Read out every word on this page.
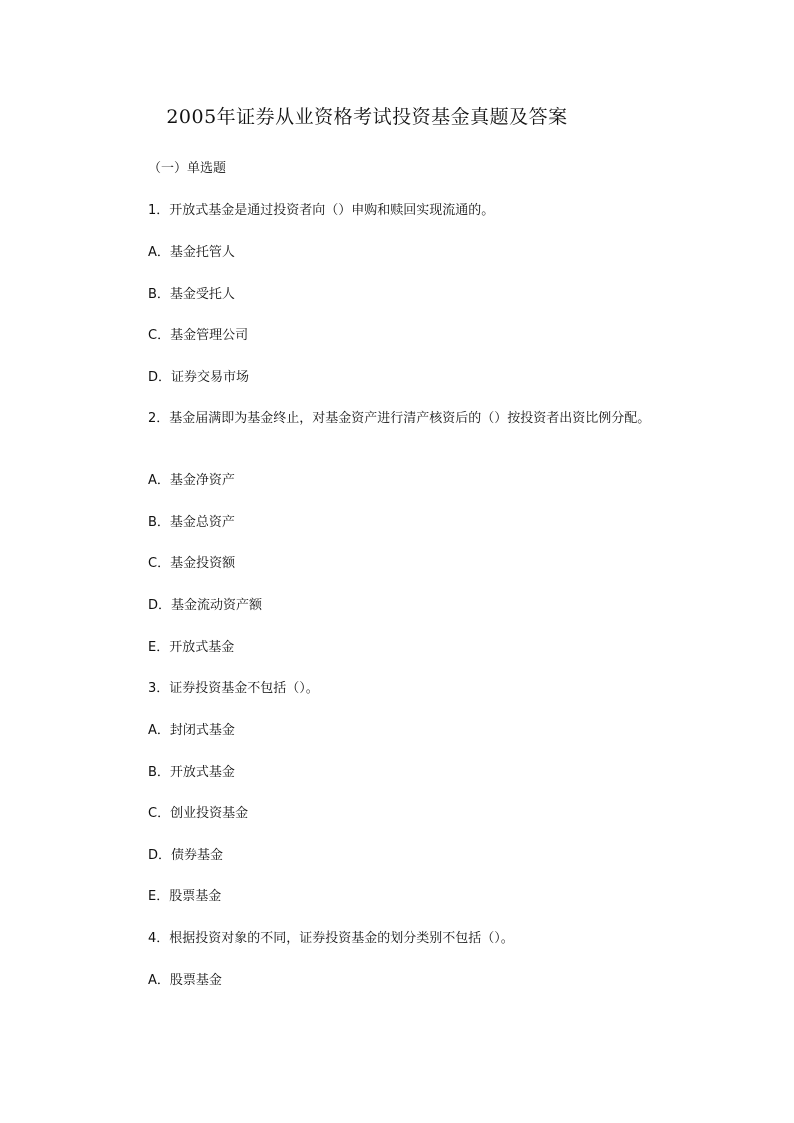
2005年证券从业资格考试投资基金真题及答案
（一）单选题
1．开放式基金是通过投资者向（）申购和赎回实现流通的。
A．基金托管人
B．基金受托人
C．基金管理公司
D．证券交易市场
2．基金届满即为基金终止，对基金资产进行清产核资后的（）按投资者出资比例分配。
A．基金净资产
B．基金总资产
C．基金投资额
D．基金流动资产额
E．开放式基金
3．证券投资基金不包括（）。
A．封闭式基金
B．开放式基金
C．创业投资基金
D．债券基金
E．股票基金
4．根据投资对象的不同，证券投资基金的划分类别不包括（）。
A．股票基金
